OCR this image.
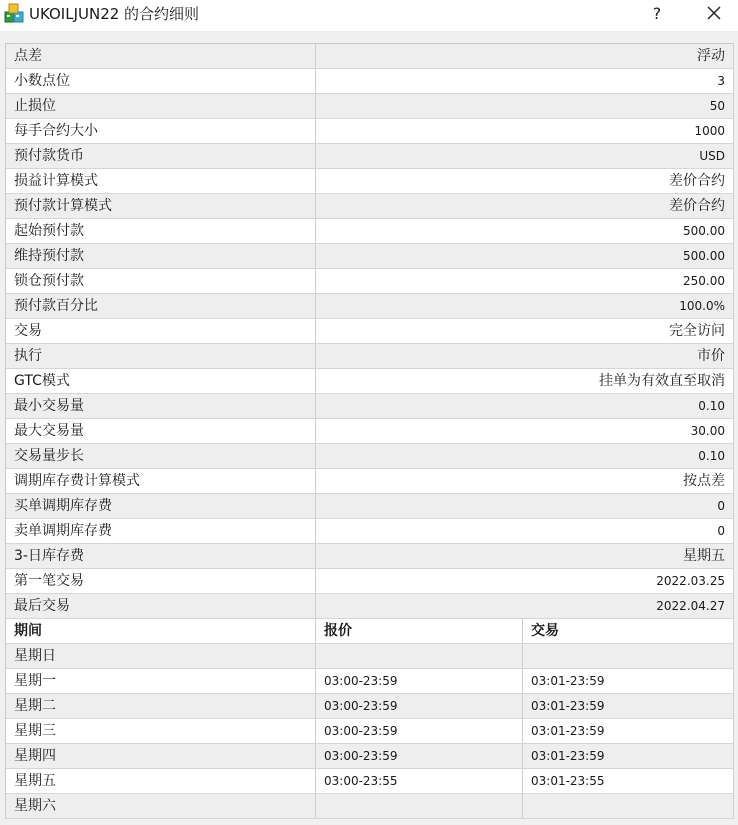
UKOILJUN22 的合约细则	?
点差	浮动
小数点位	3
止损位	50
每手合约大小	1000
预付款货币	USD
损益计算模式	差价合约
预付款计算模式	差价合约
起始预付款	500.00
维持预付款	500.00
锁仓预付款	250.00
预付款百分比	100.0%
交易	完全访问
执行	市价
GTC模式	挂单为有效直至取消
最小交易量	0.10
最大交易量	30.00
交易量步长	0.10
调期库存费计算模式	按点差
买单调期库存费	0
卖单调期库存费	0
3-日库存费	星期五
第一笔交易	2022.03.25
最后交易	2022.04.27
期间	报价	交易
星期日
星期一	03:00-23:59	03:01-23:59
星期二	03:00-23:59	03:01-23:59
星期三	03:00-23:59	03:01-23:59
星期四	03:00-23:59	03:01-23:59
星期五	03:00-23:55	03:01-23:55
星期六
